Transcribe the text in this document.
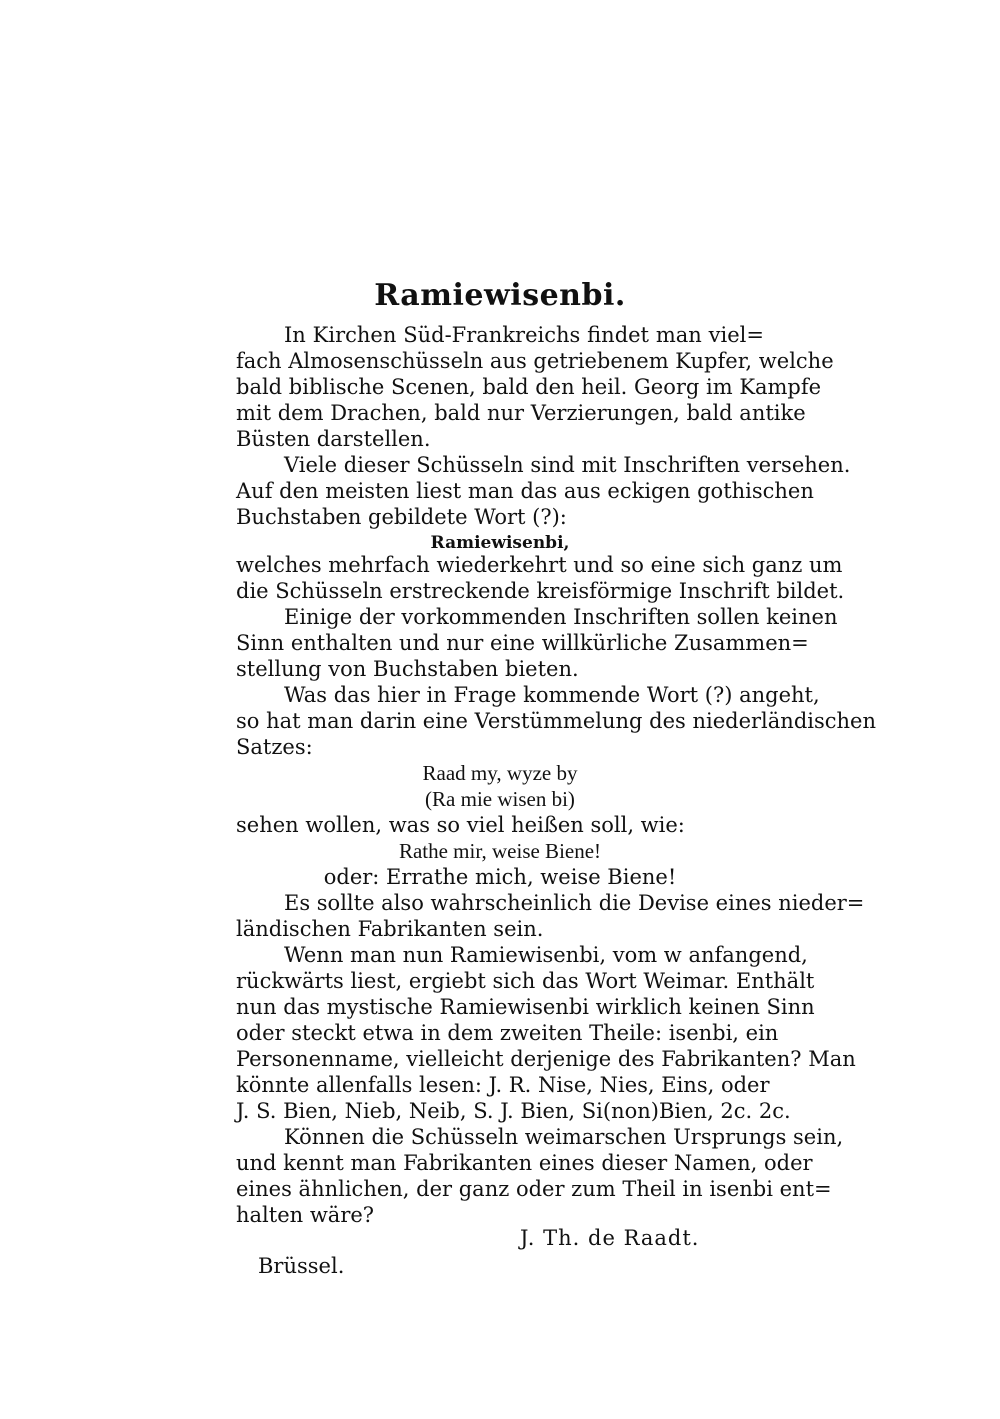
Ramiewisenbi.
In Kirchen Süd-Frankreichs findet man viel=
fach Almosenschüsseln aus getriebenem Kupfer, welche
bald biblische Scenen, bald den heil. Georg im Kampfe
mit dem Drachen, bald nur Verzierungen, bald antike
Büsten darstellen.
Viele dieser Schüsseln sind mit Inschriften versehen.
Auf den meisten liest man das aus eckigen gothischen
Buchstaben gebildete Wort (?):
Ramiewisenbi,
welches mehrfach wiederkehrt und so eine sich ganz um
die Schüsseln erstreckende kreisförmige Inschrift bildet.
Einige der vorkommenden Inschriften sollen keinen
Sinn enthalten und nur eine willkürliche Zusammen=
stellung von Buchstaben bieten.
Was das hier in Frage kommende Wort (?) angeht,
so hat man darin eine Verstümmelung des niederländischen
Satzes:
Raad my, wyze by
(Ra mie wisen bi)
sehen wollen, was so viel heißen soll, wie:
Rathe mir, weise Biene!
oder: Errathe mich, weise Biene!
Es sollte also wahrscheinlich die Devise eines nieder=
ländischen Fabrikanten sein.
Wenn man nun Ramiewisenbi, vom w anfangend,
rückwärts liest, ergiebt sich das Wort Weimar. Enthält
nun das mystische Ramiewisenbi wirklich keinen Sinn
oder steckt etwa in dem zweiten Theile: isenbi, ein
Personenname, vielleicht derjenige des Fabrikanten? Man
könnte allenfalls lesen: J. R. Nise, Nies, Eins, oder
J. S. Bien, Nieb, Neib, S. J. Bien, Si(non)Bien, 2c. 2c.
Können die Schüsseln weimarschen Ursprungs sein,
und kennt man Fabrikanten eines dieser Namen, oder
eines ähnlichen, der ganz oder zum Theil in isenbi ent=
halten wäre?
J. Th. de Raadt.
Brüssel.
